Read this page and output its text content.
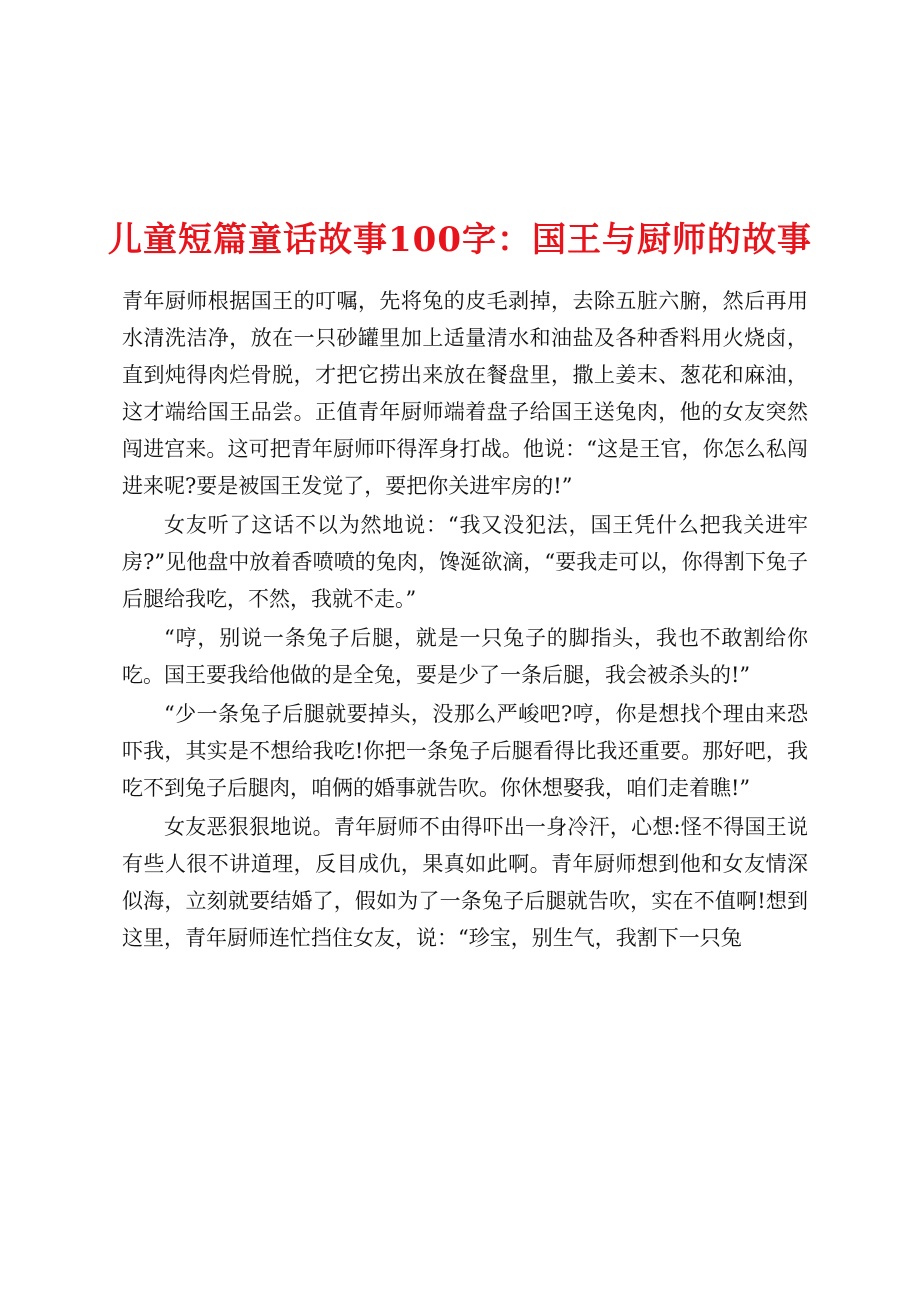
儿童短篇童话故事100字：国王与厨师的故事

青年厨师根据国王的叮嘱，先将兔的皮毛剥掉，去除五脏六腑，然后再用水清洗洁净，放在一只砂罐里加上适量清水和油盐及各种香料用火烧卤，直到炖得肉烂骨脱，才把它捞出来放在餐盘里，撒上姜末、葱花和麻油，这才端给国王品尝。正值青年厨师端着盘子给国王送兔肉，他的女友突然闯进宫来。这可把青年厨师吓得浑身打战。他说：“这是王官，你怎么私闯进来呢?要是被国王发觉了，要把你关进牢房的!”

女友听了这话不以为然地说：“我又没犯法，国王凭什么把我关进牢房?”见他盘中放着香喷喷的兔肉，馋涎欲滴，“要我走可以，你得割下兔子后腿给我吃，不然，我就不走。”

“哼，别说一条兔子后腿，就是一只兔子的脚指头，我也不敢割给你吃。国王要我给他做的是全兔，要是少了一条后腿，我会被杀头的!”

“少一条兔子后腿就要掉头，没那么严峻吧?哼，你是想找个理由来恐吓我，其实是不想给我吃!你把一条兔子后腿看得比我还重要。那好吧，我吃不到兔子后腿肉，咱俩的婚事就告吹。你休想娶我，咱们走着瞧!”

女友恶狠狠地说。青年厨师不由得吓出一身冷汗，心想:怪不得国王说有些人很不讲道理，反目成仇，果真如此啊。青年厨师想到他和女友情深似海，立刻就要结婚了，假如为了一条兔子后腿就告吹，实在不值啊!想到这里，青年厨师连忙挡住女友，说：“珍宝，别生气，我割下一只兔
